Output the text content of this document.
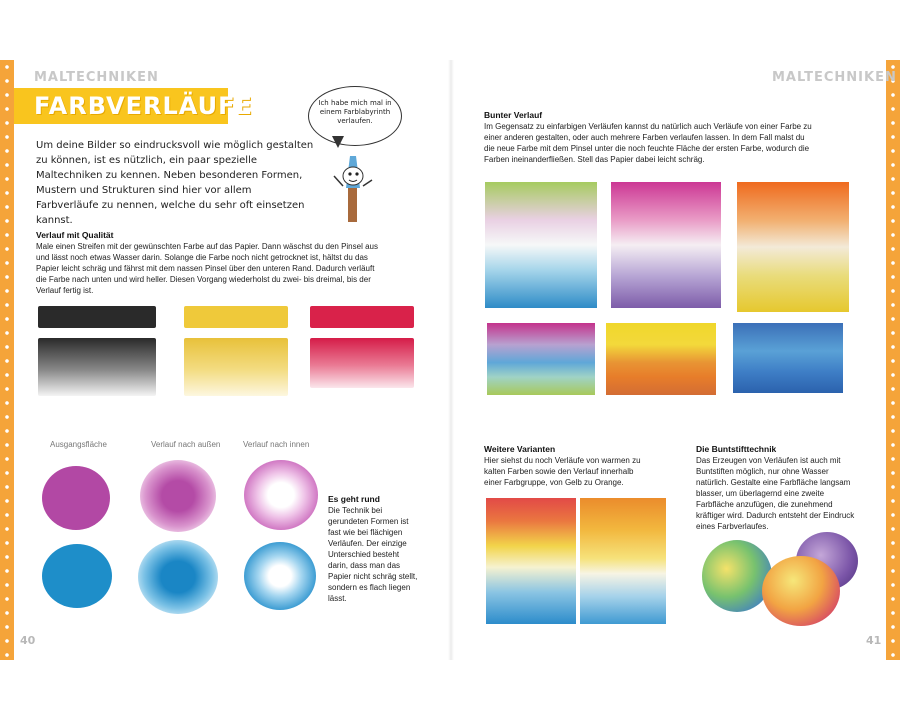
MALTECHNIKEN
FARBVERLÄUFE
Um deine Bilder so eindrucksvoll wie möglich gestalten zu können, ist es nützlich, ein paar spezielle Maltechniken zu kennen. Neben besonderen Formen, Mustern und Strukturen sind hier vor allem Farbverläufe zu nennen, welche du sehr oft einsetzen kannst.
Ich habe mich mal in einem Farblabyrinth verlaufen.
Verlauf mit Qualität
Male einen Streifen mit der gewünschten Farbe auf das Papier. Dann wäschst du den Pinsel aus und lässt noch etwas Wasser darin. Solange die Farbe noch nicht getrocknet ist, hältst du das Papier leicht schräg und fährst mit dem nassen Pinsel über den unteren Rand. Dadurch verläuft die Farbe nach unten und wird heller. Diesen Vorgang wiederholst du zwei- bis dreimal, bis der Verlauf fertig ist.
Ausgangsfläche	Verlauf nach außen	Verlauf nach innen
Es geht rund
Die Technik bei gerundeten Formen ist fast wie bei flächigen Verläufen. Der einzige Unterschied besteht darin, dass man das Papier nicht schräg stellt, sondern es flach liegen lässt.
40
MALTECHNIKEN
Bunter Verlauf
Im Gegensatz zu einfarbigen Verläufen kannst du natürlich auch Verläufe von einer Farbe zu einer anderen gestalten, oder auch mehrere Farben verlaufen lassen. In dem Fall malst du die neue Farbe mit dem Pinsel unter die noch feuchte Fläche der ersten Farbe, wodurch die Farben ineinanderfließen. Stell das Papier dabei leicht schräg.
Weitere Varianten
Hier siehst du noch Verläufe von warmen zu kalten Farben sowie den Verlauf innerhalb einer Farbgruppe, von Gelb zu Orange.
Die Buntstifttechnik
Das Erzeugen von Verläufen ist auch mit Buntstiften möglich, nur ohne Wasser natürlich. Gestalte eine Farbfläche langsam blasser, um überlagernd eine zweite Farbfläche anzufügen, die zunehmend kräftiger wird. Dadurch entsteht der Eindruck eines Farbverlaufes.
41
